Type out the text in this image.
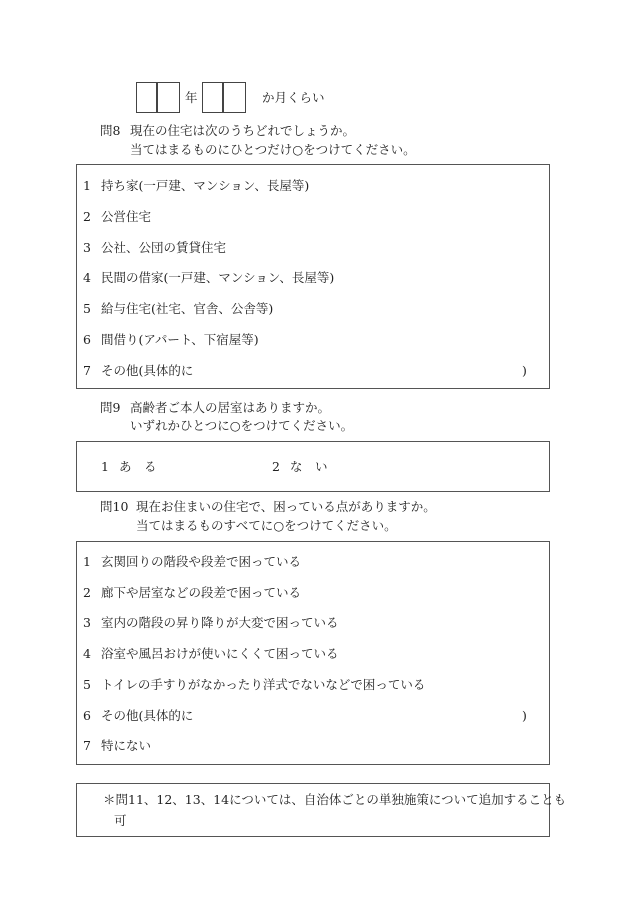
年	か月くらい
問8 現在の住宅は次のうちどれでしょうか。
当てはまるものにひとつだけ○をつけてください。
1 持ち家(一戸建、マンション、長屋等)
2 公営住宅
3 公社、公団の賃貸住宅
4 民間の借家(一戸建、マンション、長屋等)
5 給与住宅(社宅、官舎、公舎等)
6 間借り(アパート、下宿屋等)
7 その他(具体的に	)
問9 高齢者ご本人の居室はありますか。
いずれかひとつに○をつけてください。
1 あ　る	2 な　い
問10 現在お住まいの住宅で、困っている点がありますか。
当てはまるものすべてに○をつけてください。
1 玄関回りの階段や段差で困っている
2 廊下や居室などの段差で困っている
3 室内の階段の昇り降りが大変で困っている
4 浴室や風呂おけが使いにくくて困っている
5 トイレの手すりがなかったり洋式でないなどで困っている
6 その他(具体的に	)
7 特にない
＊問11、12、13、14については、自治体ごとの単独施策について追加することも
可
